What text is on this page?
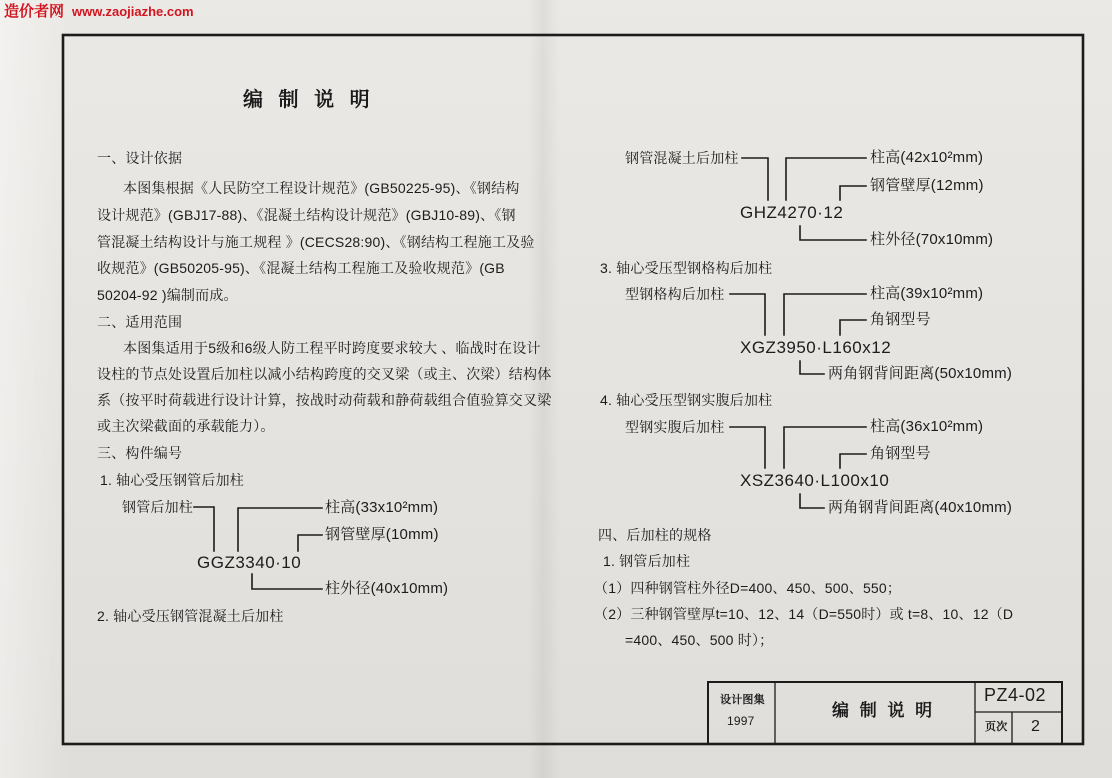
造价者网 www.zaojiazhe.com
编 制 说 明
一、设计依据
本图集根据《人民防空工程设计规范》(GB50225-95)、《钢结构
设计规范》(GBJ17-88)、《混凝土结构设计规范》(GBJ10-89)、《钢
管混凝土结构设计与施工规程 》(CECS28:90)、《钢结构工程施工及验
收规范》(GB50205-95)、《混凝土结构工程施工及验收规范》(GB
50204-92 )编制而成。
二、适用范围
本图集适用于5级和6级人防工程平时跨度要求较大 、临战时在设计
设柱的节点处设置后加柱以减小结构跨度的交叉梁（或主、次梁）结构体
系（按平时荷载进行设计计算，按战时动荷载和静荷载组合值验算交叉梁
或主次梁截面的承载能力）。
三、构件编号
1. 轴心受压钢管后加柱
钢管后加柱	柱高(33x10²mm)
钢管壁厚(10mm)
GGZ3340·10
柱外径(40x10mm)
2. 轴心受压钢管混凝土后加柱
钢管混凝土后加柱	柱高(42x10²mm)
钢管壁厚(12mm)
GHZ4270·12
柱外径(70x10mm)
3. 轴心受压型钢格构后加柱
型钢格构后加柱	柱高(39x10²mm)
角钢型号
XGZ3950·L160x12
两角钢背间距离(50x10mm)
4. 轴心受压型钢实腹后加柱
型钢实腹后加柱	柱高(36x10²mm)
角钢型号
XSZ3640·L100x10
两角钢背间距离(40x10mm)
四、后加柱的规格
1. 钢管后加柱
（1）四种钢管柱外径D=400、450、500、550；
（2）三种钢管壁厚t=10、12、14（D=550时）或 t=8、10、12（D
=400、450、500 时）；
设计图集
1997
编 制 说 明
PZ4-02
页次 2
